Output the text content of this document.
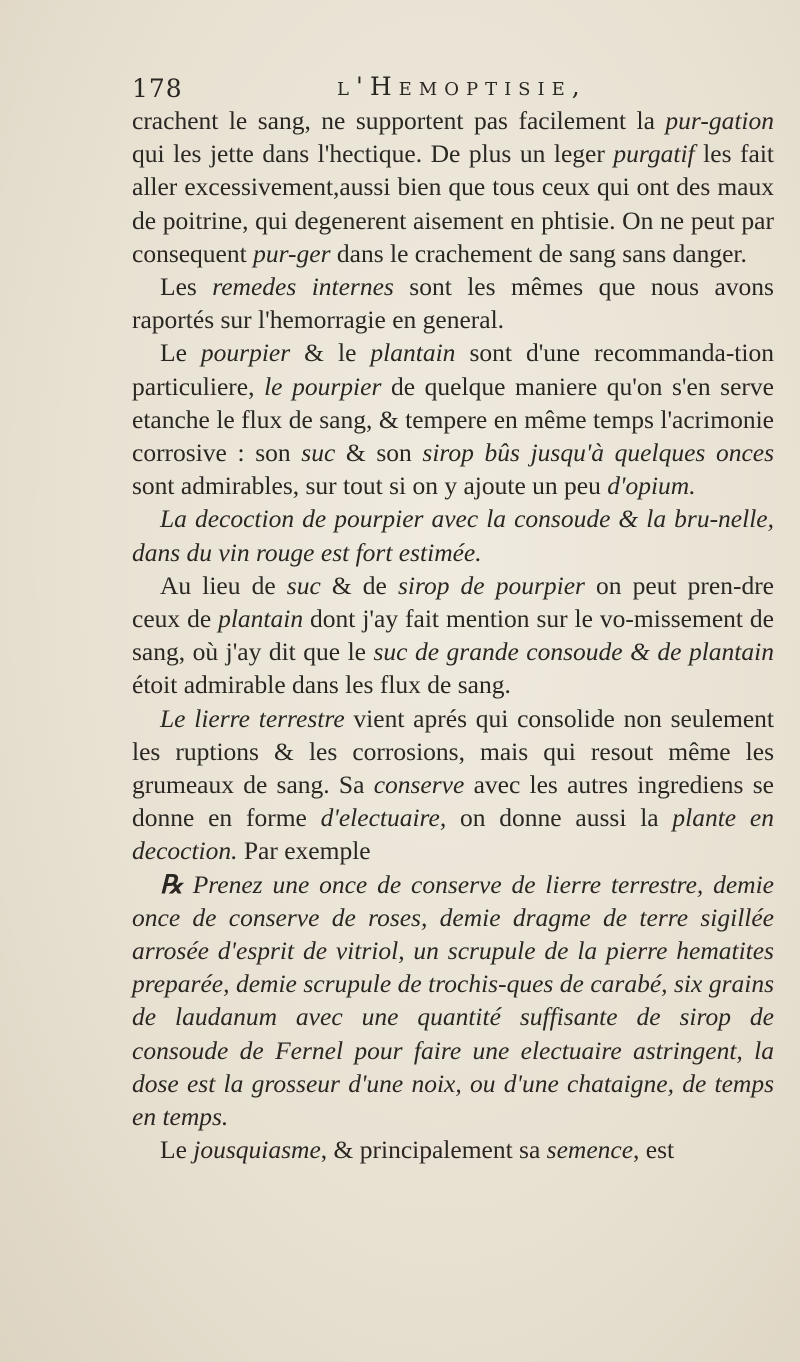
178	l'Hemoptisie,

crachent le sang, ne supportent pas facilement la pur-gation qui les jette dans l'hectique. De plus un leger purgatif les fait aller excessivement,aussi bien que tous ceux qui ont des maux de poitrine, qui degenerent aisement en phtisie. On ne peut par consequent pur-ger dans le crachement de sang sans danger.

Les remedes internes sont les mêmes que nous avons raportés sur l'hemorragie en general.

Le pourpier & le plantain sont d'une recommanda-tion particuliere, le pourpier de quelque maniere qu'on s'en serve etanche le flux de sang, & tempere en même temps l'acrimonie corrosive : son suc & son sirop bûs jusqu'à quelques onces sont admirables, sur tout si on y ajoute un peu d'opium.

La decoction de pourpier avec la consoude & la bru-nelle, dans du vin rouge est fort estimée.

Au lieu de suc & de sirop de pourpier on peut pren-dre ceux de plantain dont j'ay fait mention sur le vo-missement de sang, où j'ay dit que le suc de grande consoude & de plantain étoit admirable dans les flux de sang.

Le lierre terrestre vient aprés qui consolide non seulement les ruptions & les corrosions, mais qui resout même les grumeaux de sang. Sa conserve avec les autres ingrediens se donne en forme d'electuaire, on donne aussi la plante en decoction. Par exemple

℞ Prenez une once de conserve de lierre terrestre, demie once de conserve de roses, demie dragme de terre sigillée arrosée d'esprit de vitriol, un scrupule de la pierre hematites preparée, demie scrupule de trochis-ques de carabé, six grains de laudanum avec une quantité suffisante de sirop de consoude de Fernel pour faire une electuaire astringent, la dose est la grosseur d'une noix, ou d'une chataigne, de temps en temps.

Le jousquiasme, & principalement sa semence, est
